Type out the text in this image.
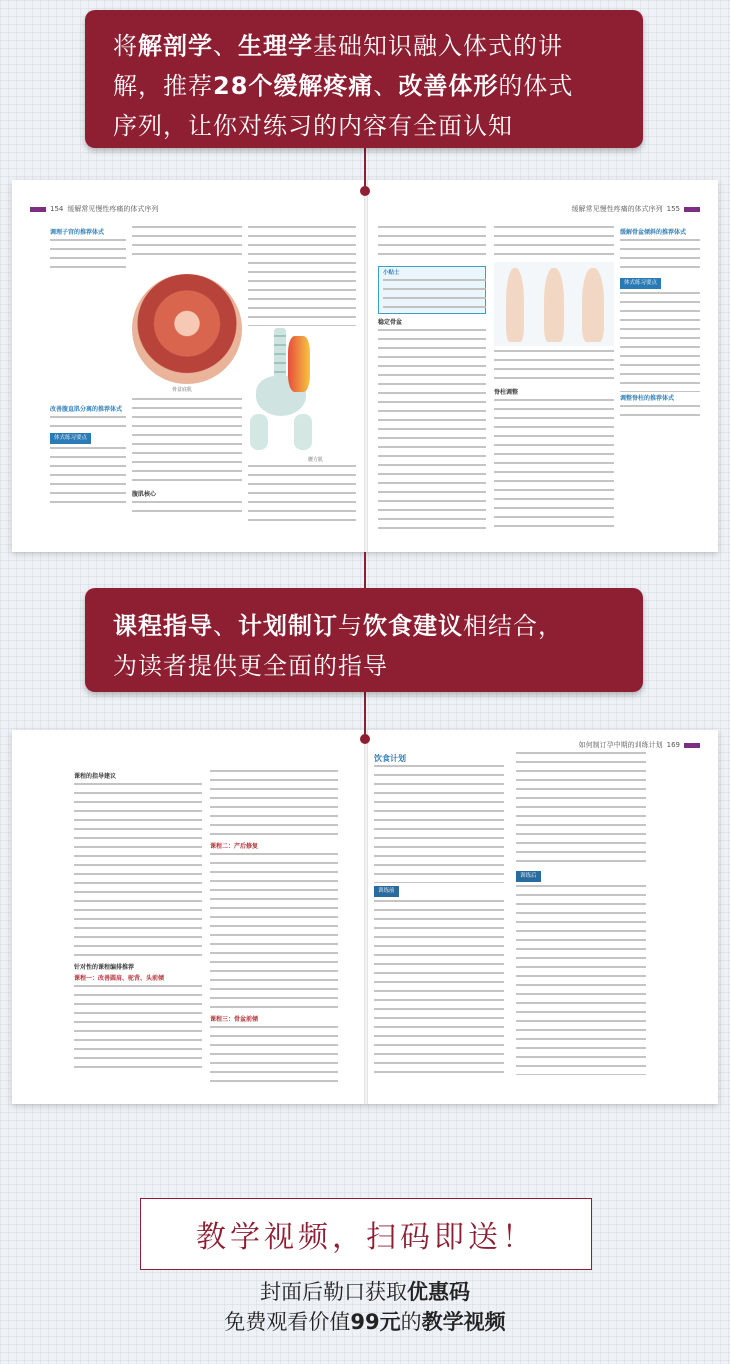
将解剖学、生理学基础知识融入体式的讲
解，推荐28个缓解疼痛、改善体形的体式
序列，让你对练习的内容有全面认知
154 缓解常见慢性疼痛的体式序列	缓解常见慢性疼痛的体式序列 155
调理子宫的推荐体式
改善腹直肌分离的推荐体式
体式练习要点
骨盆底肌
腹肌核心
腰方肌
小贴士
稳定骨盆
脊柱调整
缓解骨盆倾斜的推荐体式
体式练习要点
调整脊柱的推荐体式
课程指导、计划制订与饮食建议相结合，
为读者提供更全面的指导
如何制订孕中期的训练计划 169
课程的指导建议
针对性的课程编排推荐
课程一：改善圆肩、驼背、头前倾
课程二：产后修复
课程三：骨盆前倾
饮食计划
训练前
训练后
教学视频，扫码即送！
封面后勒口获取优惠码
免费观看价值99元的教学视频
